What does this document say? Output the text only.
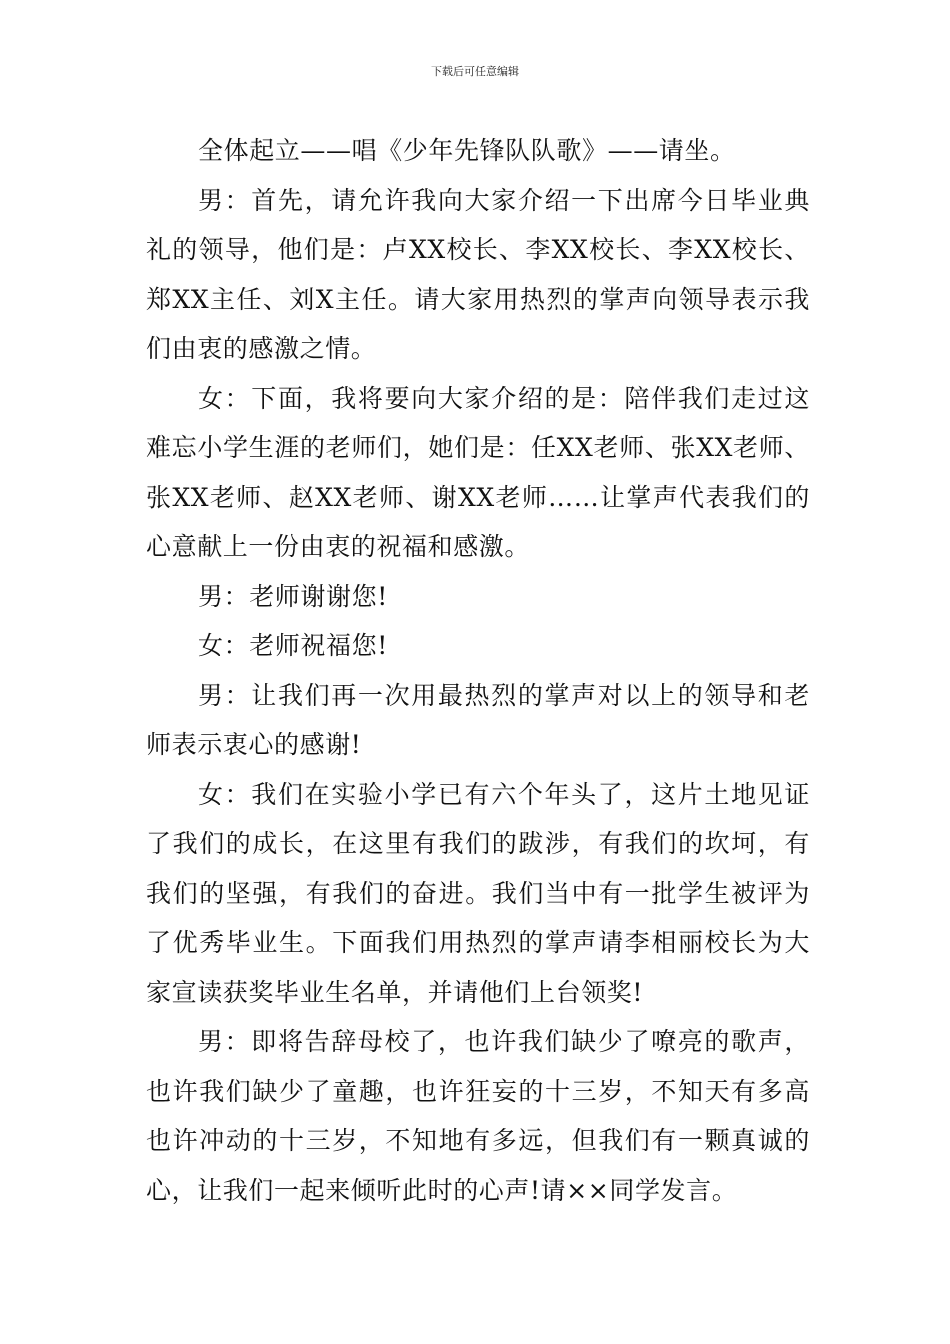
下载后可任意编辑

全体起立——唱《少年先锋队队歌》——请坐。

男：首先，请允许我向大家介绍一下出席今日毕业典礼的领导，他们是：卢XX校长、李XX校长、李XX校长、郑XX主任、刘X主任。请大家用热烈的掌声向领导表示我们由衷的感激之情。

女：下面，我将要向大家介绍的是：陪伴我们走过这难忘小学生涯的老师们，她们是：任XX老师、张XX老师、张XX老师、赵XX老师、谢XX老师……让掌声代表我们的心意献上一份由衷的祝福和感激。

男：老师谢谢您!

女：老师祝福您!

男：让我们再一次用最热烈的掌声对以上的领导和老师表示衷心的感谢!

女：我们在实验小学已有六个年头了，这片土地见证了我们的成长，在这里有我们的跋涉，有我们的坎坷，有我们的坚强，有我们的奋进。我们当中有一批学生被评为了优秀毕业生。下面我们用热烈的掌声请李相丽校长为大家宣读获奖毕业生名单，并请他们上台领奖!

男：即将告辞母校了，也许我们缺少了嘹亮的歌声，也许我们缺少了童趣，也许狂妄的十三岁，不知天有多高也许冲动的十三岁，不知地有多远，但我们有一颗真诚的心，让我们一起来倾听此时的心声!请××同学发言。
